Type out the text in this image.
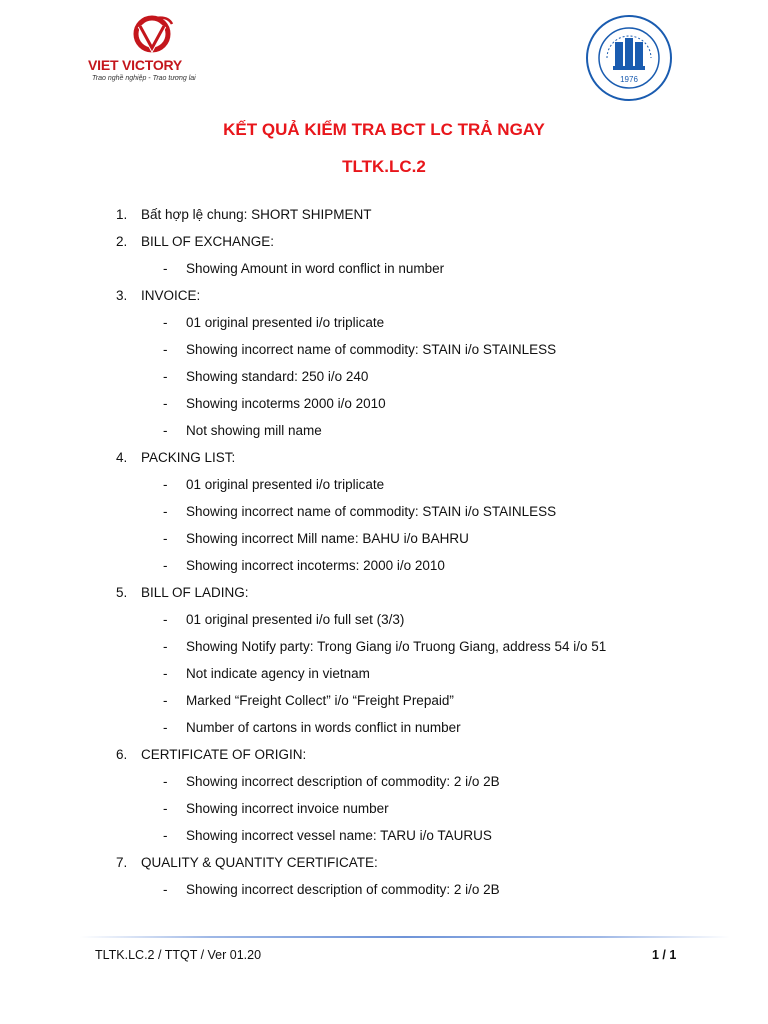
VIET VICTORY
Trao nghề nghiệp - Trao tương lai	1976
KẾT QUẢ KIỂM TRA BCT LC TRẢ NGAY
TLTK.LC.2
1. Bất hợp lệ chung: SHORT SHIPMENT
2. BILL OF EXCHANGE:
- Showing Amount in word conflict in number
3. INVOICE:
- 01 original presented i/o triplicate
- Showing incorrect name of commodity: STAIN i/o STAINLESS
- Showing standard: 250 i/o 240
- Showing incoterms 2000 i/o 2010
- Not showing mill name
4. PACKING LIST:
- 01 original presented i/o triplicate
- Showing incorrect name of commodity: STAIN i/o STAINLESS
- Showing incorrect Mill name: BAHU i/o BAHRU
- Showing incorrect incoterms: 2000 i/o 2010
5. BILL OF LADING:
- 01 original presented i/o full set (3/3)
- Showing Notify party: Trong Giang i/o Truong Giang, address 54 i/o 51
- Not indicate agency in vietnam
- Marked “Freight Collect” i/o “Freight Prepaid”
- Number of cartons in words conflict in number
6. CERTIFICATE OF ORIGIN:
- Showing incorrect description of commodity: 2 i/o 2B
- Showing incorrect invoice number
- Showing incorrect vessel name: TARU i/o TAURUS
7. QUALITY & QUANTITY CERTIFICATE:
- Showing incorrect description of commodity: 2 i/o 2B
TLTK.LC.2 / TTQT / Ver 01.20	1 / 1
